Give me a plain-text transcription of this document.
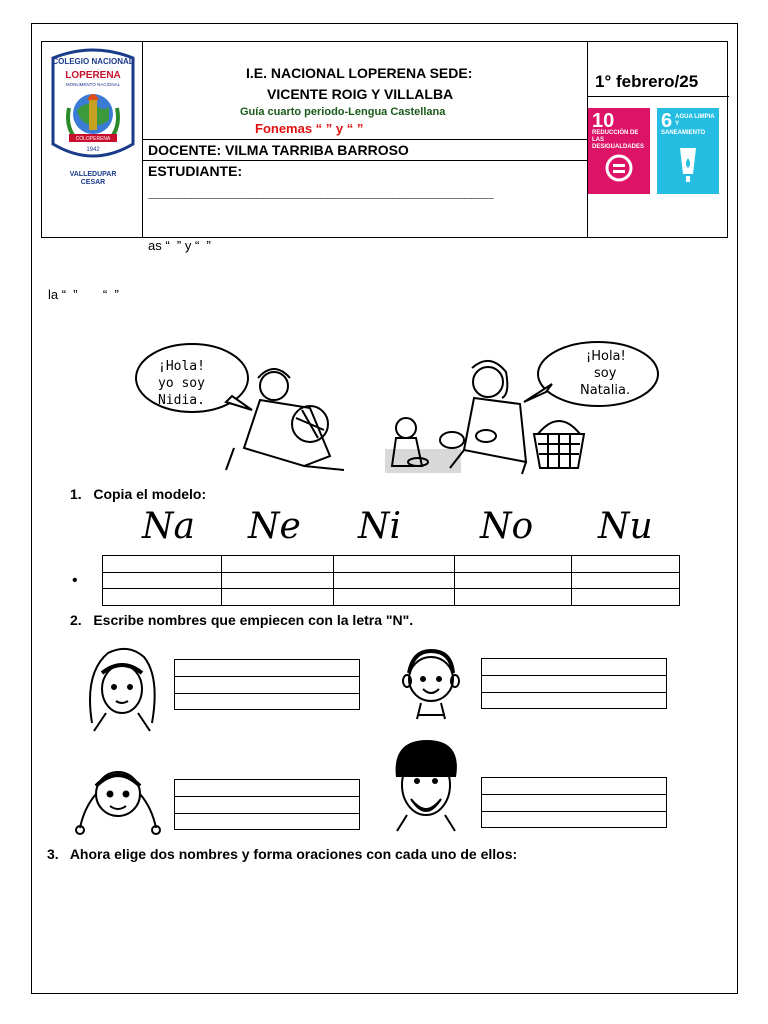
COLEGIO NACIONAL
LOPERENA
MONUMENTO NACIONAL
COLOPERENA
1942
VALLEDUPAR
CESAR
I.E. NACIONAL LOPERENA SEDE:
VICENTE ROIG Y VILLALBA
Guía cuarto periodo-Lengua Castellana
Fonemas “ ” y “ ”
DOCENTE: VILMA TARRIBA BARROSO
ESTUDIANTE:
________________________________________________
1° febrero/25
10
REDUCCIÓN DE LAS DESIGUALDADES
6 AGUA LIMPIA Y SANEAMIENTO
as “  ” y “  ”
la “  ”       “  ”
¡Hola! yo soy Nidia.
¡Hola! soy Natalia.
1.   Copia el modelo:
Na Ne Ni No Nu
•

2.   Escribe nombres que empiecen con la letra "N".
3.   Ahora elige dos nombres y forma oraciones con cada uno de ellos:
